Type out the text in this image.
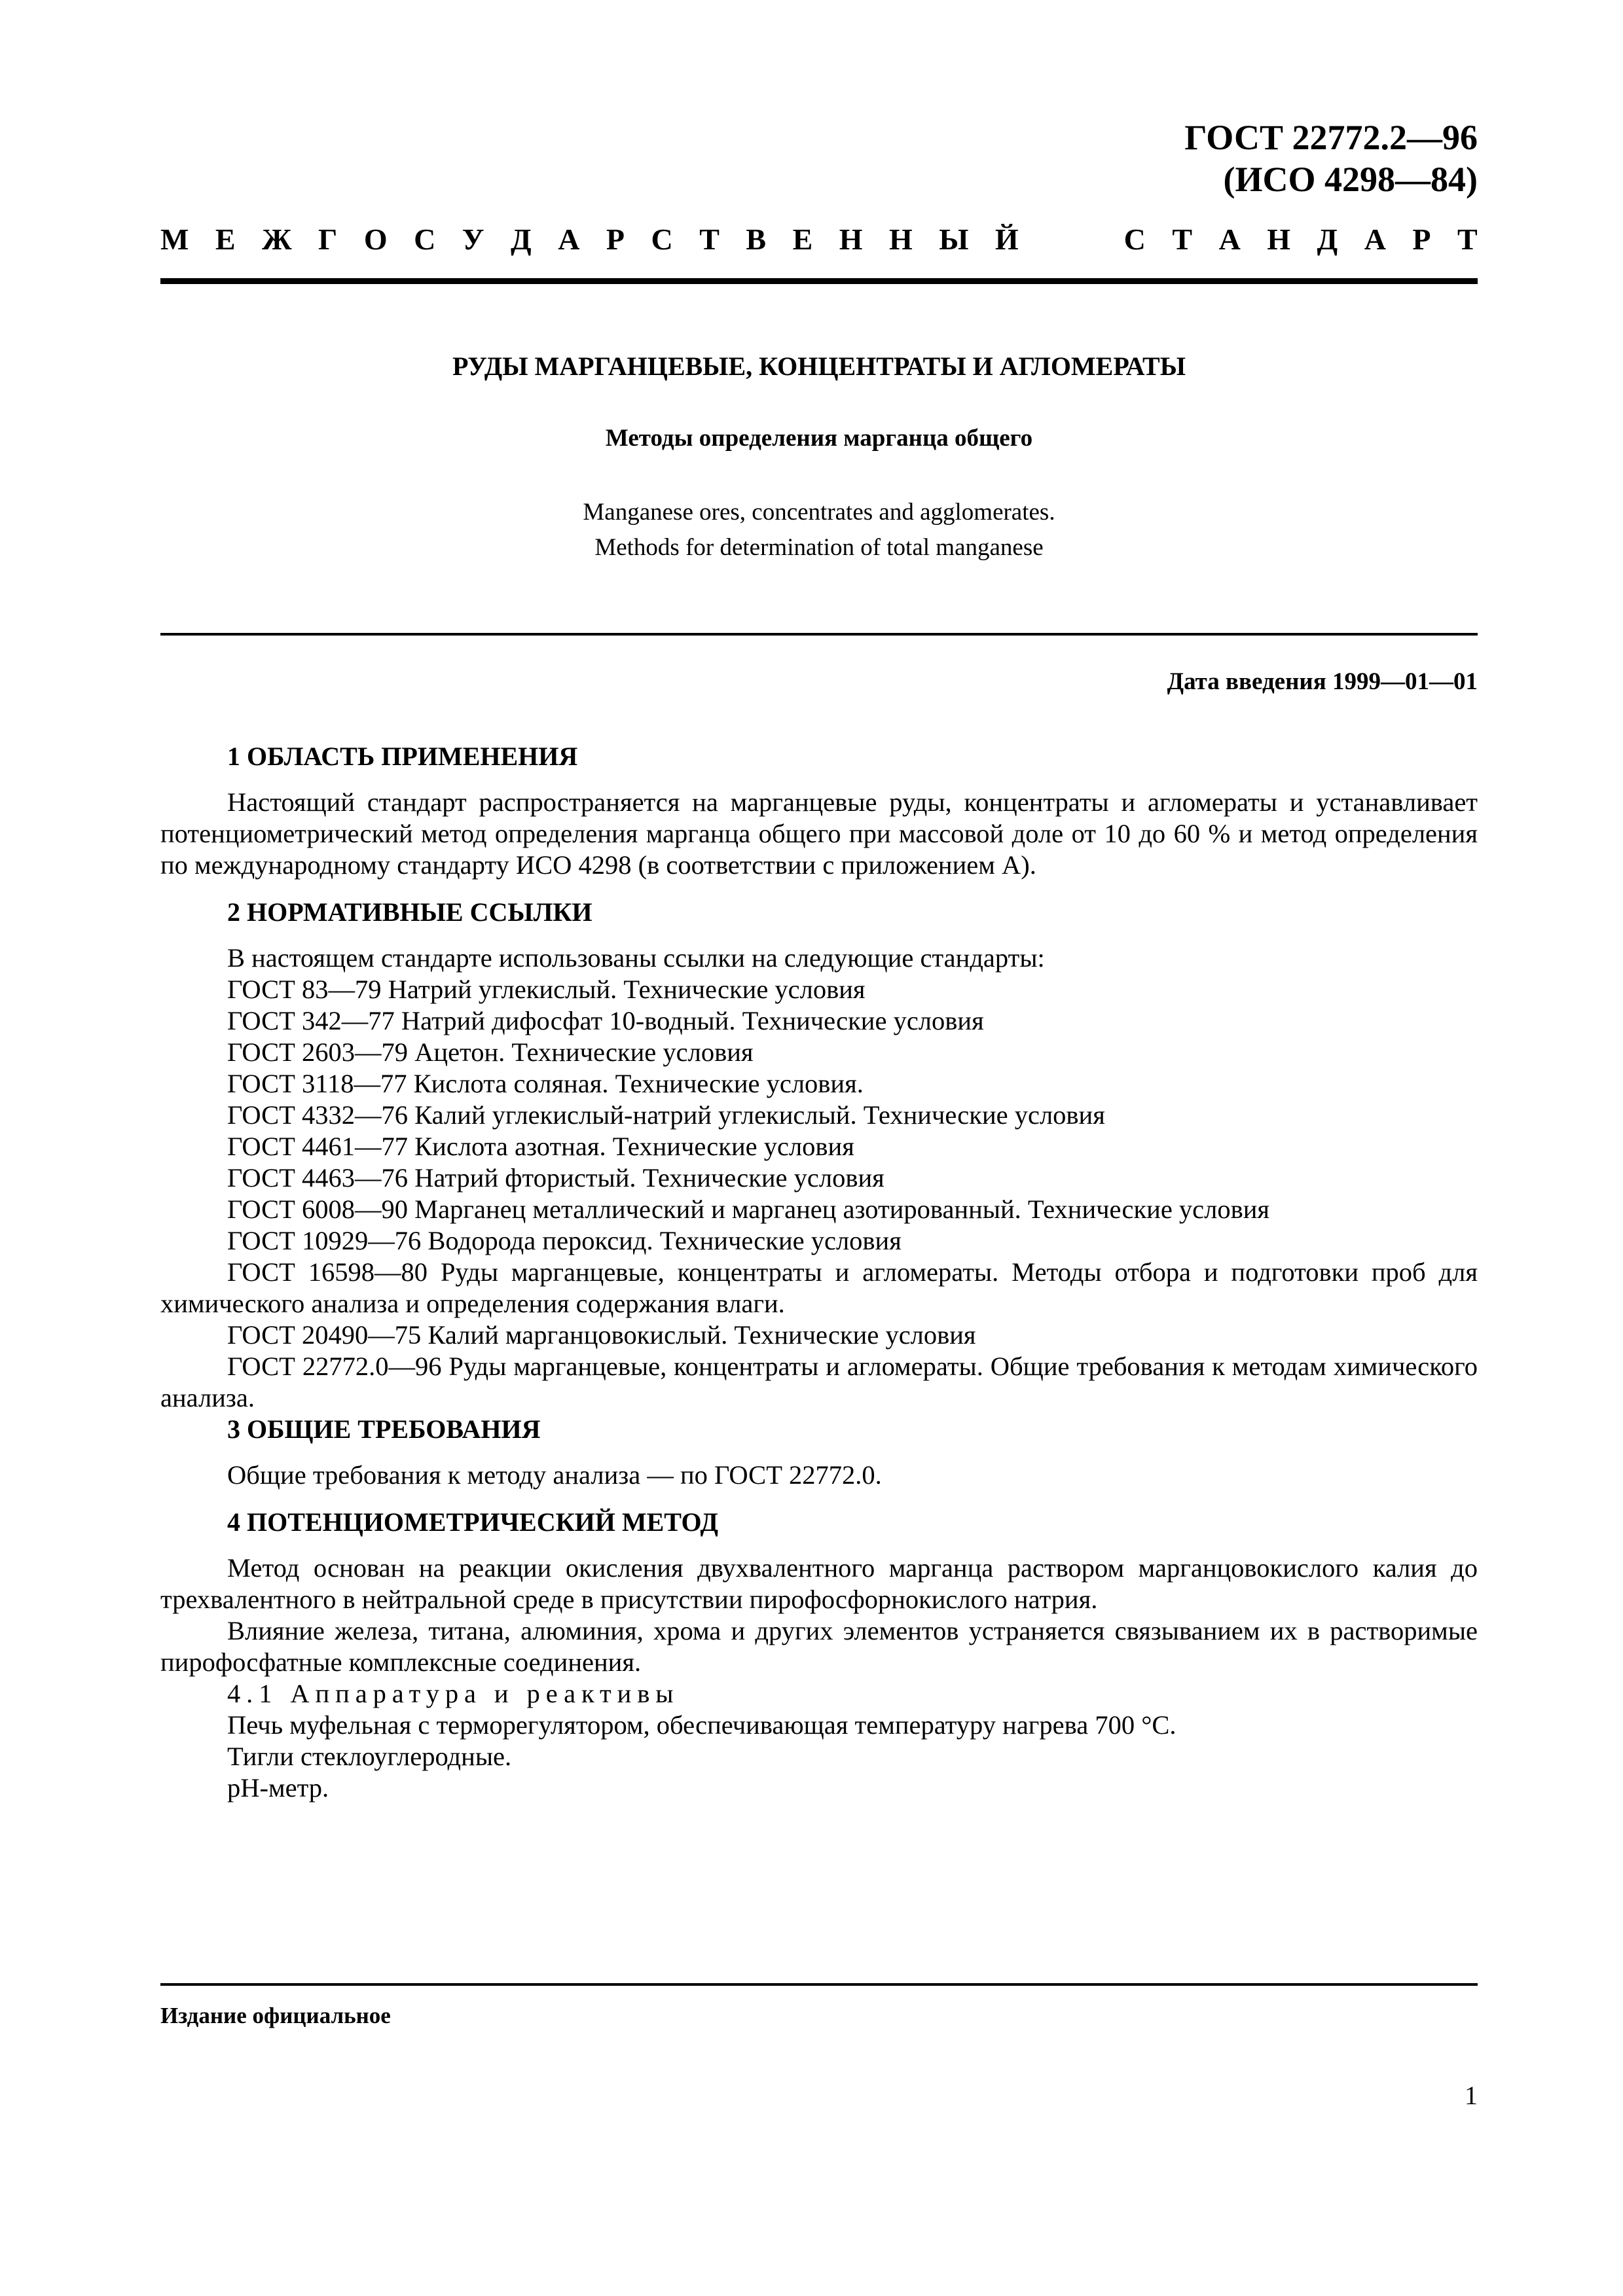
ГОСТ 22772.2—96
(ИСО 4298—84)
М Е Ж Г О С У Д А Р С Т В Е Н Н Ы Й	С Т А Н Д А Р Т
РУДЫ МАРГАНЦЕВЫЕ, КОНЦЕНТРАТЫ И АГЛОМЕРАТЫ
Методы определения марганца общего
Manganese ores, concentrates and agglomerates.
Methods for determination of total manganese
Дата введения 1999—01—01
1 ОБЛАСТЬ ПРИМЕНЕНИЯ

Настоящий стандарт распространяется на марганцевые руды, концентраты и агломераты и устанавливает потенциометрический метод определения марганца общего при массовой доле от 10 до 60 % и метод определения по международному стандарту ИСО 4298 (в соответствии с приложением А).

2 НОРМАТИВНЫЕ ССЫЛКИ

В настоящем стандарте использованы ссылки на следующие стандарты:

ГОСТ 83—79 Натрий углекислый. Технические условия

ГОСТ 342—77 Натрий дифосфат 10-водный. Технические условия

ГОСТ 2603—79 Ацетон. Технические условия

ГОСТ 3118—77 Кислота соляная. Технические условия.

ГОСТ 4332—76 Калий углекислый-натрий углекислый. Технические условия

ГОСТ 4461—77 Кислота азотная. Технические условия

ГОСТ 4463—76 Натрий фтористый. Технические условия

ГОСТ 6008—90 Марганец металлический и марганец азотированный. Технические условия

ГОСТ 10929—76 Водорода пероксид. Технические условия

ГОСТ 16598—80 Руды марганцевые, концентраты и агломераты. Методы отбора и подготовки проб для химического анализа и определения содержания влаги.

ГОСТ 20490—75 Калий марганцовокислый. Технические условия

ГОСТ 22772.0—96 Руды марганцевые, концентраты и агломераты. Общие требования к методам химического анализа.

3 ОБЩИЕ ТРЕБОВАНИЯ

Общие требования к методу анализа — по ГОСТ 22772.0.

4 ПОТЕНЦИОМЕТРИЧЕСКИЙ МЕТОД

Метод основан на реакции окисления двухвалентного марганца раствором марганцовокислого калия до трехвалентного в нейтральной среде в присутствии пирофосфорнокислого натрия.

Влияние железа, титана, алюминия, хрома и других элементов устраняется связыванием их в растворимые пирофосфатные комплексные соединения.

4.1 Аппаратура и реактивы

Печь муфельная с терморегулятором, обеспечивающая температуру нагрева 700 °С.

Тигли стеклоуглеродные.

рН-метр.

Издание официальное
1
